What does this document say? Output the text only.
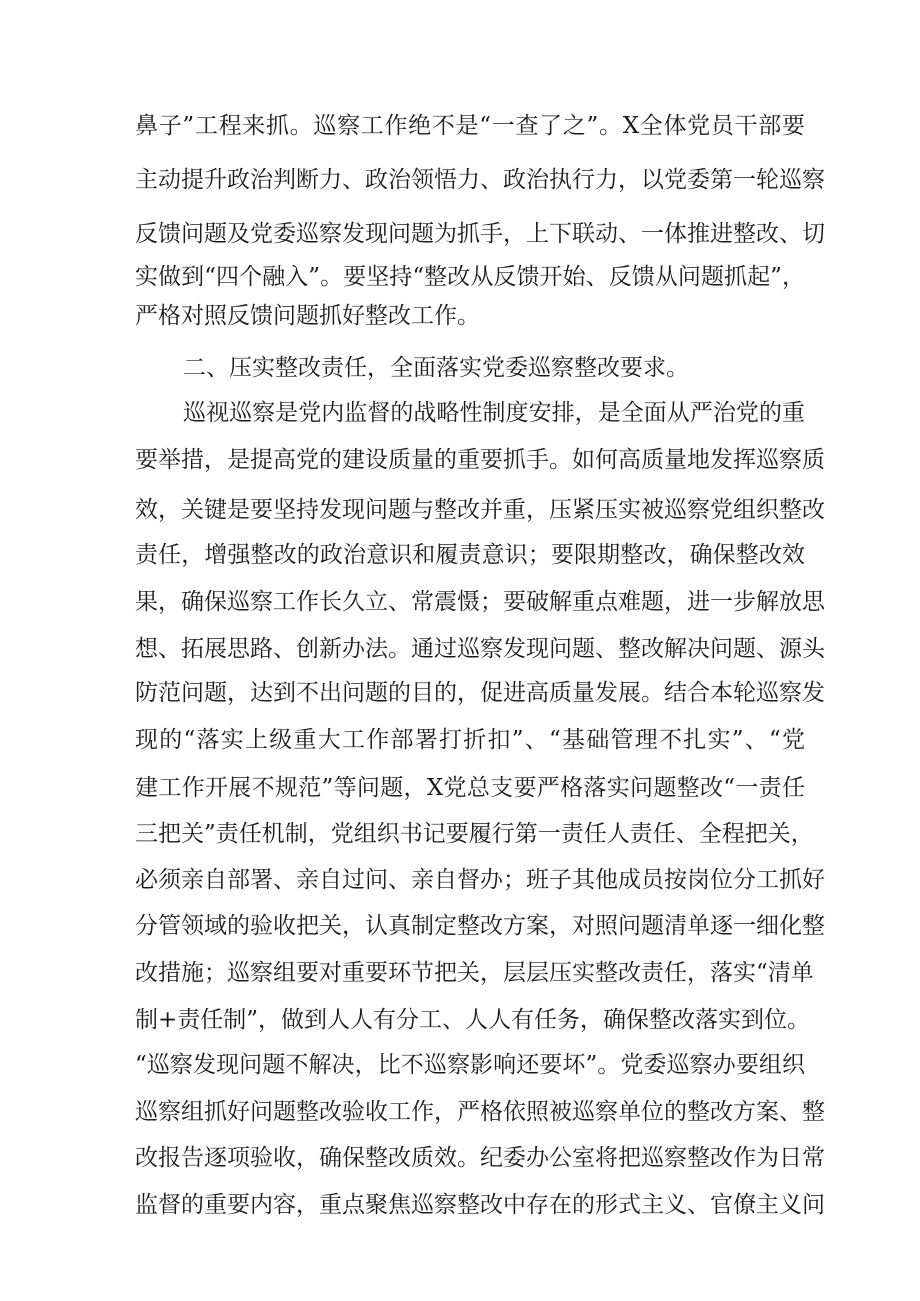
鼻子”工程来抓。巡察工作绝不是“一查了之”。X全体党员干部要
主动提升政治判断力、政治领悟力、政治执行力，以党委第一轮巡察
反馈问题及党委巡察发现问题为抓手，上下联动、一体推进整改、切
实做到“四个融入”。要坚持“整改从反馈开始、反馈从问题抓起”，
严格对照反馈问题抓好整改工作。
二、压实整改责任，全面落实党委巡察整改要求。
巡视巡察是党内监督的战略性制度安排，是全面从严治党的重
要举措，是提高党的建设质量的重要抓手。如何高质量地发挥巡察质
效，关键是要坚持发现问题与整改并重，压紧压实被巡察党组织整改
责任，增强整改的政治意识和履责意识；要限期整改，确保整改效
果，确保巡察工作长久立、常震慑；要破解重点难题，进一步解放思
想、拓展思路、创新办法。通过巡察发现问题、整改解决问题、源头
防范问题，达到不出问题的目的，促进高质量发展。结合本轮巡察发
现的“落实上级重大工作部署打折扣”、“基础管理不扎实”、“党
建工作开展不规范”等问题，X党总支要严格落实问题整改“一责任
三把关”责任机制，党组织书记要履行第一责任人责任、全程把关，
必须亲自部署、亲自过问、亲自督办；班子其他成员按岗位分工抓好
分管领域的验收把关，认真制定整改方案，对照问题清单逐一细化整
改措施；巡察组要对重要环节把关，层层压实整改责任，落实“清单
制+责任制”，做到人人有分工、人人有任务，确保整改落实到位。
“巡察发现问题不解决，比不巡察影响还要坏”。党委巡察办要组织
巡察组抓好问题整改验收工作，严格依照被巡察单位的整改方案、整
改报告逐项验收，确保整改质效。纪委办公室将把巡察整改作为日常
监督的重要内容，重点聚焦巡察整改中存在的形式主义、官僚主义问
